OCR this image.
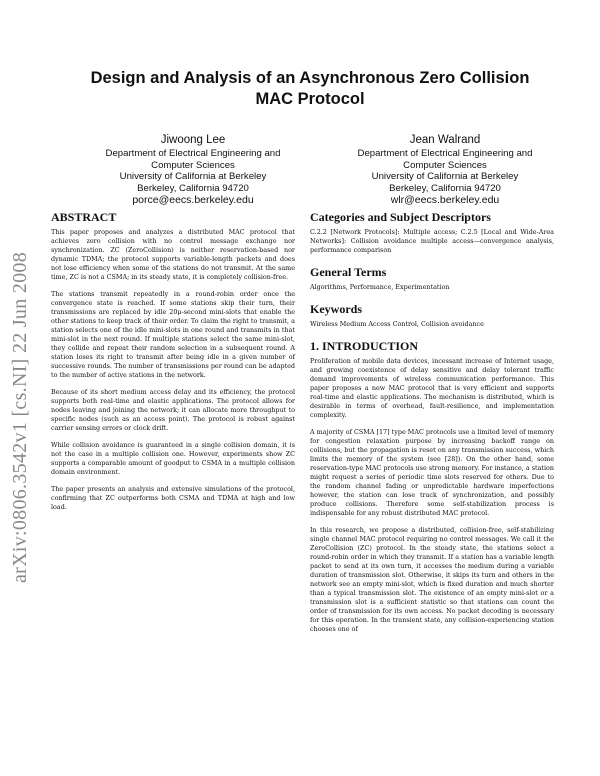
arXiv:0806.3542v1 [cs.NI] 22 Jun 2008
Design and Analysis of an Asynchronous Zero Collision
MAC Protocol
Jiwoong Lee
Department of Electrical Engineering and
Computer Sciences
University of California at Berkeley
Berkeley, California 94720
porce@eecs.berkeley.edu
Jean Walrand
Department of Electrical Engineering and
Computer Sciences
University of California at Berkeley
Berkeley, California 94720
wlr@eecs.berkeley.edu
ABSTRACT

This paper proposes and analyzes a distributed MAC protocol that achieves zero collision with no control message exchange nor synchronization. ZC (ZeroCollision) is neither reservation-based nor dynamic TDMA; the protocol supports variable-length packets and does not lose efficiency when some of the stations do not transmit. At the same time, ZC is not a CSMA; in its steady state, it is completely collision-free.

The stations transmit repeatedly in a round-robin order once the convergence state is reached. If some stations skip their turn, their transmissions are replaced by idle 20μ-second mini-slots that enable the other stations to keep track of their order. To claim the right to transmit, a station selects one of the idle mini-slots in one round and transmits in that mini-slot in the next round. If multiple stations select the same mini-slot, they collide and repeat their random selection in a subsequent round. A station loses its right to transmit after being idle in a given number of successive rounds. The number of transmissions per round can be adapted to the number of active stations in the network.

Because of its short medium access delay and its efficiency, the protocol supports both real-time and elastic applications. The protocol allows for nodes leaving and joining the network; it can allocate more throughput to specific nodes (such as an access point). The protocol is robust against carrier sensing errors or clock drift.

While collision avoidance is guaranteed in a single collision domain, it is not the case in a multiple collision one. However, experiments show ZC supports a comparable amount of goodput to CSMA in a multiple collision domain environment.

The paper presents an analysis and extensive simulations of the protocol, confirming that ZC outperforms both CSMA and TDMA at high and low load.

Categories and Subject Descriptors

C.2.2 [Network Protocols]: Multiple access; C.2.5 [Local and Wide-Area Networks]: Collision avoidance multiple access—convergence analysis, performance comparison

General Terms

Algorithms, Performance, Experimentation

Keywords

Wireless Medium Access Control, Collision avoidance

1. INTRODUCTION

Proliferation of mobile data devices, incessant increase of Internet usage, and growing coexistence of delay sensitive and delay tolerant traffic demand improvements of wireless communication performance. This paper proposes a new MAC protocol that is very efficient and supports real-time and elastic applications. The mechanism is distributed, which is desirable in terms of overhead, fault-resilience, and implementation complexity.

A majority of CSMA [17] type MAC protocols use a limited level of memory for congestion relaxation purpose by increasing backoff range on collisions, but the propagation is reset on any transmission success, which limits the memory of the system (see [28]). On the other hand, some reservation-type MAC protocols use strong memory. For instance, a station might request a series of periodic time slots reserved for others. Due to the random channel fading or unpredictable hardware imperfections however, the station can lose track of synchronization, and possibly produce collisions. Therefore some self-stabilization process is indispensable for any robust distributed MAC protocol.

In this research, we propose a distributed, collision-free, self-stabilizing single channel MAC protocol requiring no control messages. We call it the ZeroCollision (ZC) protocol. In the steady state, the stations select a round-robin order in which they transmit. If a station has a variable length packet to send at its own turn, it accesses the medium during a variable duration of transmission slot. Otherwise, it skips its turn and others in the network see an empty mini-slot, which is fixed duration and much shorter than a typical transmission slot. The existence of an empty mini-slot or a transmission slot is a sufficient statistic so that stations can count the order of transmission for its own access. No packet decoding is necessary for this operation. In the transient state, any collision-experiencing station chooses one of
